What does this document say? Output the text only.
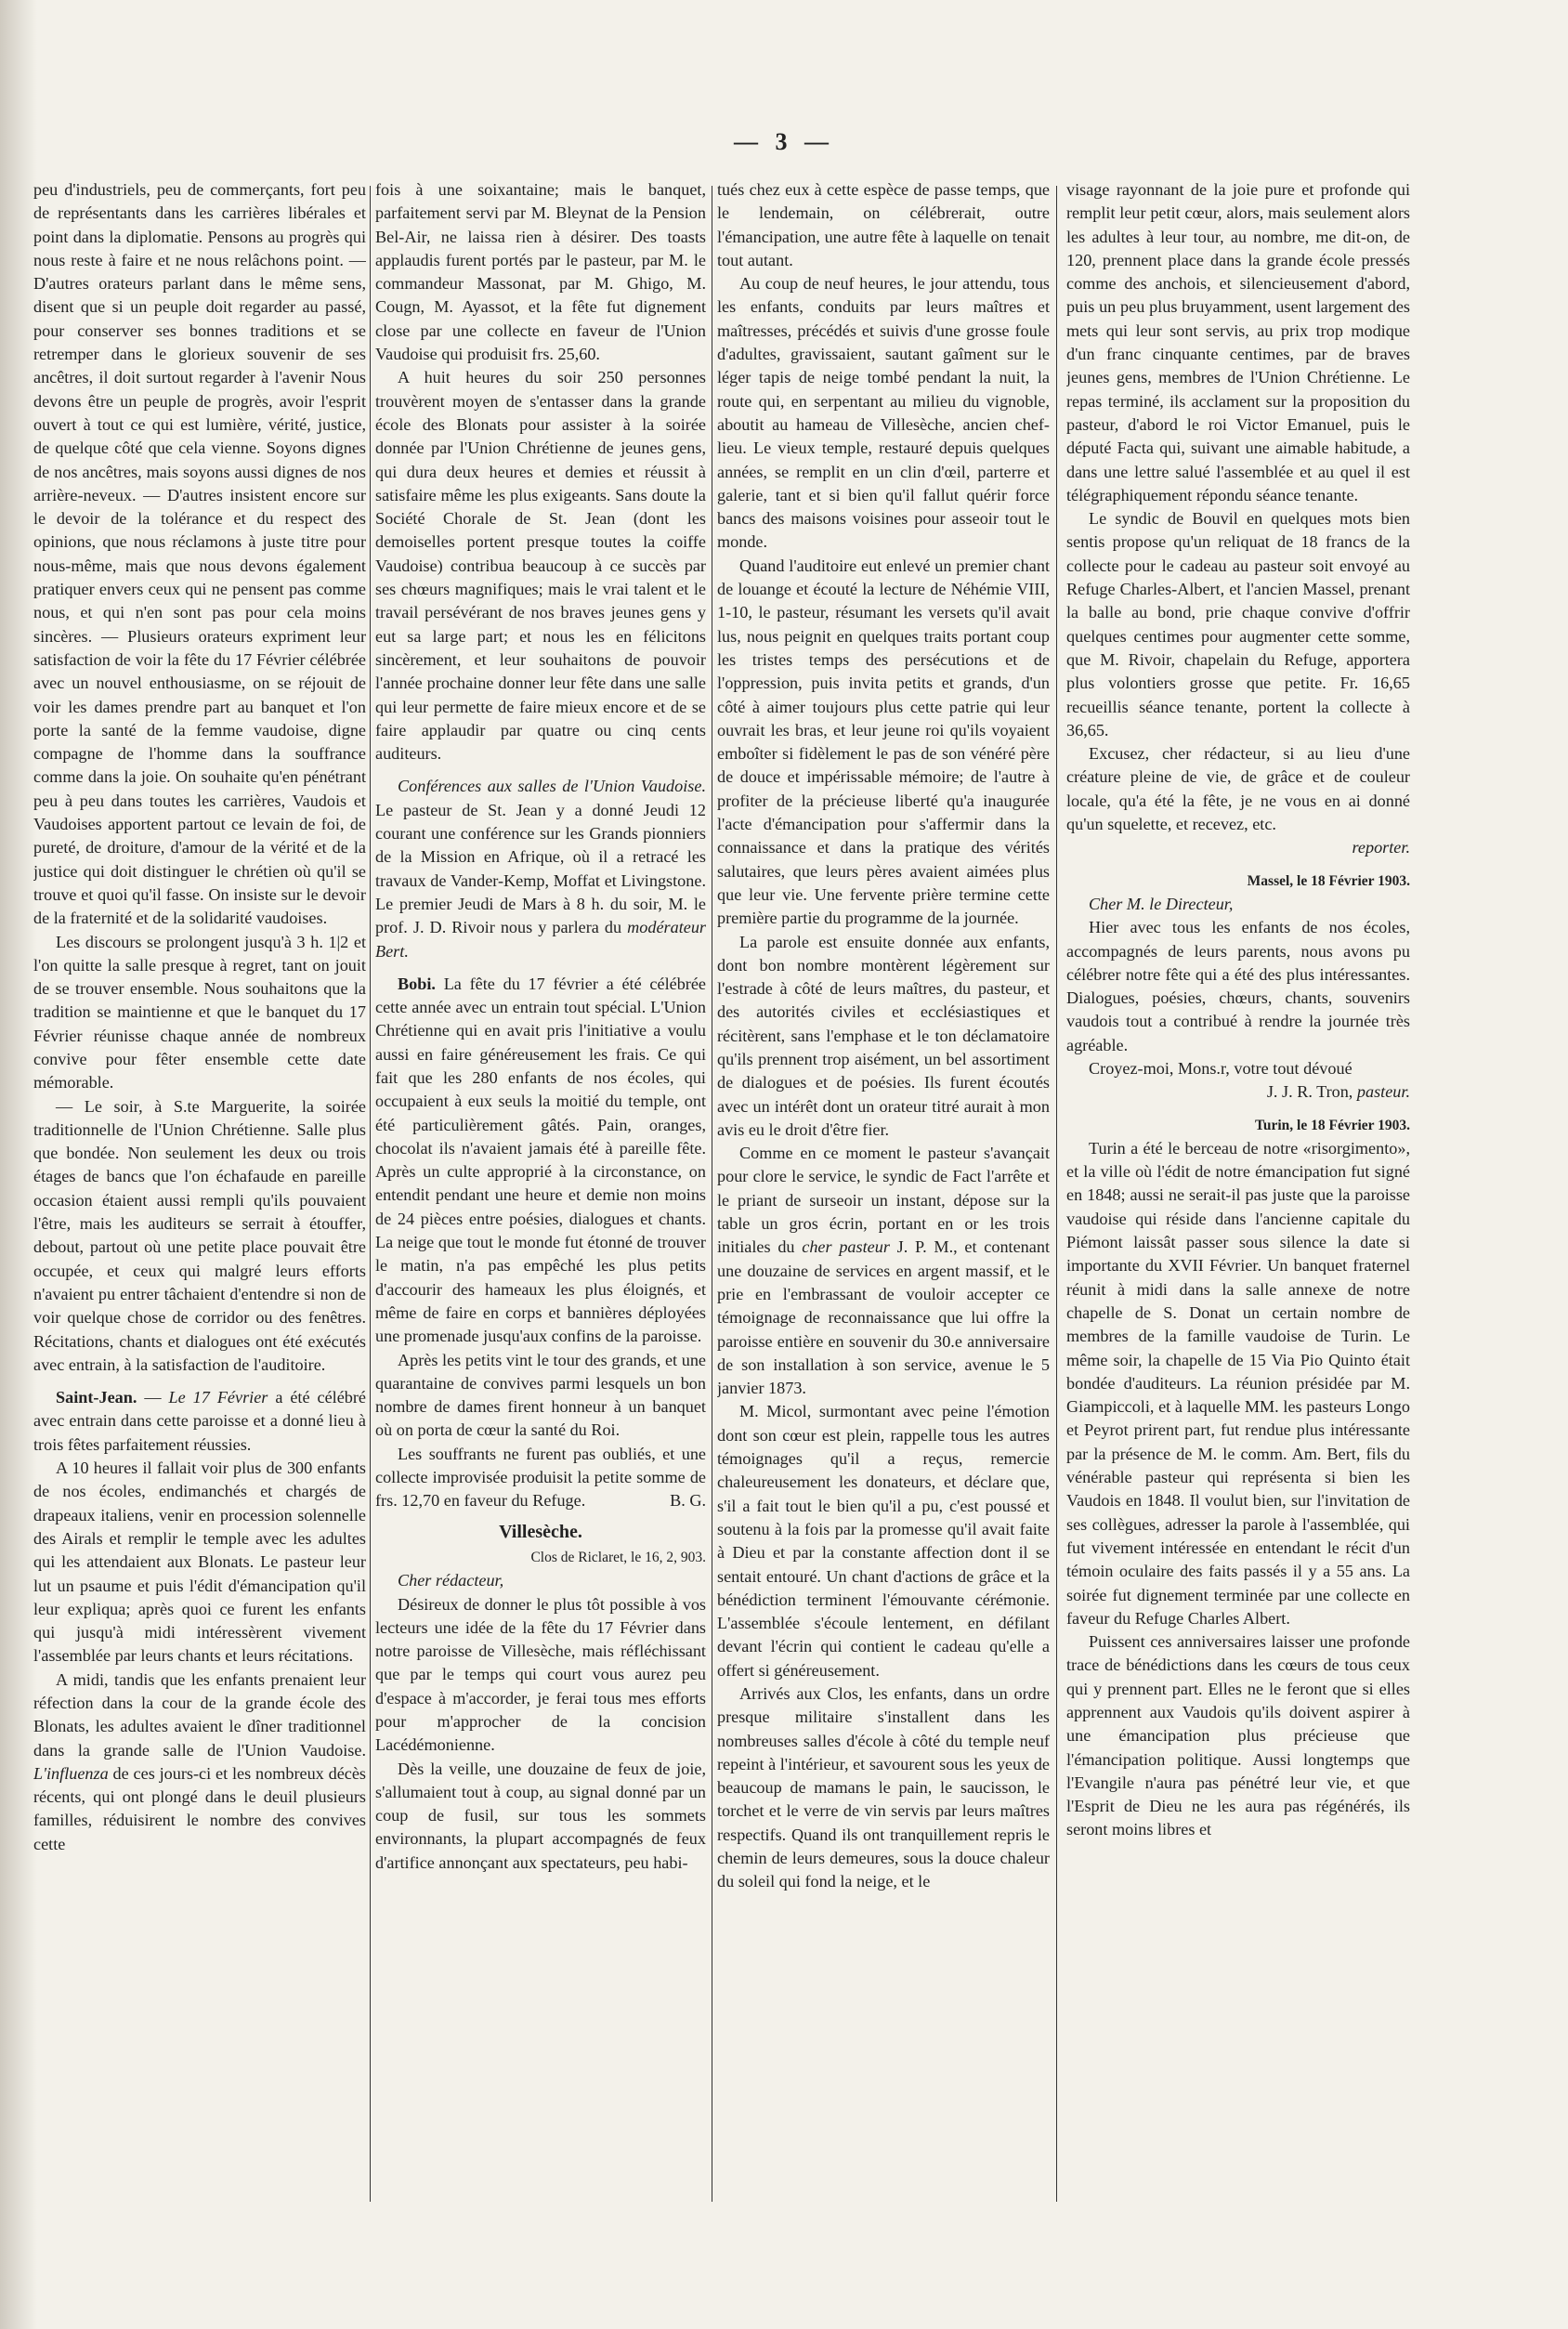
— 3 —

peu d'industriels, peu de commerçants, fort peu de représentants dans les carrières libérales et point dans la diplomatie. Pensons au progrès qui nous reste à faire et ne nous relâchons point. — D'autres orateurs parlant dans le même sens, disent que si un peuple doit regarder au passé, pour conserver ses bonnes traditions et se retremper dans le glorieux souvenir de ses ancêtres, il doit surtout regarder à l'avenir Nous devons être un peuple de progrès, avoir l'esprit ouvert à tout ce qui est lumière, vérité, justice, de quelque côté que cela vienne. Soyons dignes de nos ancêtres, mais soyons aussi dignes de nos arrière-neveux. — D'autres insistent encore sur le devoir de la tolérance et du respect des opinions, que nous réclamons à juste titre pour nous-même, mais que nous devons également pratiquer envers ceux qui ne pensent pas comme nous, et qui n'en sont pas pour cela moins sincères. — Plusieurs orateurs expriment leur satisfaction de voir la fête du 17 Février célébrée avec un nouvel enthousiasme, on se réjouit de voir les dames prendre part au banquet et l'on porte la santé de la femme vaudoise, digne compagne de l'homme dans la souffrance comme dans la joie. On souhaite qu'en pénétrant peu à peu dans toutes les carrières, Vaudois et Vaudoises apportent partout ce levain de foi, de pureté, de droiture, d'amour de la vérité et de la justice qui doit distinguer le chrétien où qu'il se trouve et quoi qu'il fasse. On insiste sur le devoir de la fraternité et de la solidarité vaudoises.

Les discours se prolongent jusqu'à 3 h. 1|2 et l'on quitte la salle presque à regret, tant on jouit de se trouver ensemble. Nous souhaitons que la tradition se maintienne et que le banquet du 17 Février réunisse chaque année de nombreux convive pour fêter ensemble cette date mémorable.

— Le soir, à S.te Marguerite, la soirée traditionnelle de l'Union Chrétienne. Salle plus que bondée. Non seulement les deux ou trois étages de bancs que l'on échafaude en pareille occasion étaient aussi rempli qu'ils pouvaient l'être, mais les auditeurs se serrait à étouffer, debout, partout où une petite place pouvait être occupée, et ceux qui malgré leurs efforts n'avaient pu entrer tâchaient d'entendre si non de voir quelque chose de corridor ou des fenêtres. Récitations, chants et dialogues ont été exécutés avec entrain, à la satisfaction de l'auditoire.

Saint-Jean. — Le 17 Février a été célébré avec entrain dans cette paroisse et a donné lieu à trois fêtes parfaitement réussies.

A 10 heures il fallait voir plus de 300 enfants de nos écoles, endimanchés et chargés de drapeaux italiens, venir en procession solennelle des Airals et remplir le temple avec les adultes qui les attendaient aux Blonats. Le pasteur leur lut un psaume et puis l'édit d'émancipation qu'il leur expliqua; après quoi ce furent les enfants qui jusqu'à midi intéressèrent vivement l'assemblée par leurs chants et leurs récitations.

A midi, tandis que les enfants prenaient leur réfection dans la cour de la grande école des Blonats, les adultes avaient le dîner traditionnel dans la grande salle de l'Union Vaudoise. L'influenza de ces jours-ci et les nombreux décès récents, qui ont plongé dans le deuil plusieurs familles, réduisirent le nombre des convives cette

fois à une soixantaine; mais le banquet, parfaitement servi par M. Bleynat de la Pension Bel-Air, ne laissa rien à désirer. Des toasts applaudis furent portés par le pasteur, par M. le commandeur Massonat, par M. Ghigo, M. Cougn, M. Ayassot, et la fête fut dignement close par une collecte en faveur de l'Union Vaudoise qui produisit frs. 25,60.

A huit heures du soir 250 personnes trouvèrent moyen de s'entasser dans la grande école des Blonats pour assister à la soirée donnée par l'Union Chrétienne de jeunes gens, qui dura deux heures et demies et réussit à satisfaire même les plus exigeants. Sans doute la Société Chorale de St. Jean (dont les demoiselles portent presque toutes la coiffe Vaudoise) contribua beaucoup à ce succès par ses chœurs magnifiques; mais le vrai talent et le travail persévérant de nos braves jeunes gens y eut sa large part; et nous les en félicitons sincèrement, et leur souhaitons de pouvoir l'année prochaine donner leur fête dans une salle qui leur permette de faire mieux encore et de se faire applaudir par quatre ou cinq cents auditeurs.

Conférences aux salles de l'Union Vaudoise. Le pasteur de St. Jean y a donné Jeudi 12 courant une conférence sur les Grands pionniers de la Mission en Afrique, où il a retracé les travaux de Vander-Kemp, Moffat et Livingstone. Le premier Jeudi de Mars à 8 h. du soir, M. le prof. J. D. Rivoir nous y parlera du modérateur Bert.

Bobi. La fête du 17 février a été célébrée cette année avec un entrain tout spécial. L'Union Chrétienne qui en avait pris l'initiative a voulu aussi en faire généreusement les frais. Ce qui fait que les 280 enfants de nos écoles, qui occupaient à eux seuls la moitié du temple, ont été particulièrement gâtés. Pain, oranges, chocolat ils n'avaient jamais été à pareille fête. Après un culte approprié à la circonstance, on entendit pendant une heure et demie non moins de 24 pièces entre poésies, dialogues et chants. La neige que tout le monde fut étonné de trouver le matin, n'a pas empêché les plus petits d'accourir des hameaux les plus éloignés, et même de faire en corps et bannières déployées une promenade jusqu'aux confins de la paroisse.

Après les petits vint le tour des grands, et une quarantaine de convives parmi lesquels un bon nombre de dames firent honneur à un banquet où on porta de cœur la santé du Roi.

Les souffrants ne furent pas oubliés, et une collecte improvisée produisit la petite somme de frs. 12,70 en faveur du Refuge.	B. G.

Villesèche.

Clos de Riclaret, le 16, 2, 903.

Cher rédacteur,

Désireux de donner le plus tôt possible à vos lecteurs une idée de la fête du 17 Février dans notre paroisse de Villesèche, mais réfléchissant que par le temps qui court vous aurez peu d'espace à m'accorder, je ferai tous mes efforts pour m'approcher de la concision Lacédémonienne.

Dès la veille, une douzaine de feux de joie, s'allumaient tout à coup, au signal donné par un coup de fusil, sur tous les sommets environnants, la plupart accompagnés de feux d'artifice annonçant aux spectateurs, peu habi-

tués chez eux à cette espèce de passe temps, que le lendemain, on célébrerait, outre l'émancipation, une autre fête à laquelle on tenait tout autant.

Au coup de neuf heures, le jour attendu, tous les enfants, conduits par leurs maîtres et maîtresses, précédés et suivis d'une grosse foule d'adultes, gravissaient, sautant gaîment sur le léger tapis de neige tombé pendant la nuit, la route qui, en serpentant au milieu du vignoble, aboutit au hameau de Villesèche, ancien chef-lieu. Le vieux temple, restauré depuis quelques années, se remplit en un clin d'œil, parterre et galerie, tant et si bien qu'il fallut quérir force bancs des maisons voisines pour asseoir tout le monde.

Quand l'auditoire eut enlevé un premier chant de louange et écouté la lecture de Néhémie VIII, 1-10, le pasteur, résumant les versets qu'il avait lus, nous peignit en quelques traits portant coup les tristes temps des persécutions et de l'oppression, puis invita petits et grands, d'un côté à aimer toujours plus cette patrie qui leur ouvrait les bras, et leur jeune roi qu'ils voyaient emboîter si fidèlement le pas de son vénéré père de douce et impérissable mémoire; de l'autre à profiter de la précieuse liberté qu'a inaugurée l'acte d'émancipation pour s'affermir dans la connaissance et dans la pratique des vérités salutaires, que leurs pères avaient aimées plus que leur vie. Une fervente prière termine cette première partie du programme de la journée.

La parole est ensuite donnée aux enfants, dont bon nombre montèrent légèrement sur l'estrade à côté de leurs maîtres, du pasteur, et des autorités civiles et ecclésiastiques et récitèrent, sans l'emphase et le ton déclamatoire qu'ils prennent trop aisément, un bel assortiment de dialogues et de poésies. Ils furent écoutés avec un intérêt dont un orateur titré aurait à mon avis eu le droit d'être fier.

Comme en ce moment le pasteur s'avançait pour clore le service, le syndic de Fact l'arrête et le priant de surseoir un instant, dépose sur la table un gros écrin, portant en or les trois initiales du cher pasteur J. P. M., et contenant une douzaine de services en argent massif, et le prie en l'embrassant de vouloir accepter ce témoignage de reconnaissance que lui offre la paroisse entière en souvenir du 30.e anniversaire de son installation à son service, avenue le 5 janvier 1873.

M. Micol, surmontant avec peine l'émotion dont son cœur est plein, rappelle tous les autres témoignages qu'il a reçus, remercie chaleureusement les donateurs, et déclare que, s'il a fait tout le bien qu'il a pu, c'est poussé et soutenu à la fois par la promesse qu'il avait faite à Dieu et par la constante affection dont il se sentait entouré. Un chant d'actions de grâce et la bénédiction terminent l'émouvante cérémonie. L'assemblée s'écoule lentement, en défilant devant l'écrin qui contient le cadeau qu'elle a offert si généreusement.

Arrivés aux Clos, les enfants, dans un ordre presque militaire s'installent dans les nombreuses salles d'école à côté du temple neuf repeint à l'intérieur, et savourent sous les yeux de beaucoup de mamans le pain, le saucisson, le torchet et le verre de vin servis par leurs maîtres respectifs. Quand ils ont tranquillement repris le chemin de leurs demeures, sous la douce chaleur du soleil qui fond la neige, et le

visage rayonnant de la joie pure et profonde qui remplit leur petit cœur, alors, mais seulement alors les adultes à leur tour, au nombre, me dit-on, de 120, prennent place dans la grande école pressés comme des anchois, et silencieusement d'abord, puis un peu plus bruyamment, usent largement des mets qui leur sont servis, au prix trop modique d'un franc cinquante centimes, par de braves jeunes gens, membres de l'Union Chrétienne. Le repas terminé, ils acclament sur la proposition du pasteur, d'abord le roi Victor Emanuel, puis le député Facta qui, suivant une aimable habitude, a dans une lettre salué l'assemblée et au quel il est télégraphiquement répondu séance tenante.

Le syndic de Bouvil en quelques mots bien sentis propose qu'un reliquat de 18 francs de la collecte pour le cadeau au pasteur soit envoyé au Refuge Charles-Albert, et l'ancien Massel, prenant la balle au bond, prie chaque convive d'offrir quelques centimes pour augmenter cette somme, que M. Rivoir, chapelain du Refuge, apportera plus volontiers grosse que petite. Fr. 16,65 recueillis séance tenante, portent la collecte à 36,65.

Excusez, cher rédacteur, si au lieu d'une créature pleine de vie, de grâce et de couleur locale, qu'a été la fête, je ne vous en ai donné qu'un squelette, et recevez, etc.

reporter.

Massel, le 18 Février 1903.

Cher M. le Directeur,

Hier avec tous les enfants de nos écoles, accompagnés de leurs parents, nous avons pu célébrer notre fête qui a été des plus intéressantes. Dialogues, poésies, chœurs, chants, souvenirs vaudois tout a contribué à rendre la journée très agréable.

Croyez-moi, Mons.r, votre tout dévoué

J. J. R. Tron, pasteur.

Turin, le 18 Février 1903.

Turin a été le berceau de notre «risorgimento», et la ville où l'édit de notre émancipation fut signé en 1848; aussi ne serait-il pas juste que la paroisse vaudoise qui réside dans l'ancienne capitale du Piémont laissât passer sous silence la date si importante du XVII Février. Un banquet fraternel réunit à midi dans la salle annexe de notre chapelle de S. Donat un certain nombre de membres de la famille vaudoise de Turin. Le même soir, la chapelle de 15 Via Pio Quinto était bondée d'auditeurs. La réunion présidée par M. Giampiccoli, et à laquelle MM. les pasteurs Longo et Peyrot prirent part, fut rendue plus intéressante par la présence de M. le comm. Am. Bert, fils du vénérable pasteur qui représenta si bien les Vaudois en 1848. Il voulut bien, sur l'invitation de ses collègues, adresser la parole à l'assemblée, qui fut vivement intéressée en entendant le récit d'un témoin oculaire des faits passés il y a 55 ans. La soirée fut dignement terminée par une collecte en faveur du Refuge Charles Albert.

Puissent ces anniversaires laisser une profonde trace de bénédictions dans les cœurs de tous ceux qui y prennent part. Elles ne le feront que si elles apprennent aux Vaudois qu'ils doivent aspirer à une émancipation plus précieuse que l'émancipation politique. Aussi longtemps que l'Evangile n'aura pas pénétré leur vie, et que l'Esprit de Dieu ne les aura pas régénérés, ils seront moins libres et
